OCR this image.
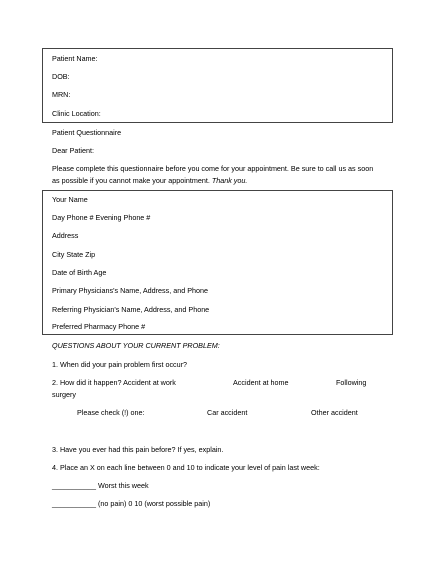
Patient Name:
DOB:
MRN:
Clinic Location:
Patient Questionnaire
Dear Patient:
Please complete this questionnaire before you come for your appointment. Be sure to call us as soon
as possible if you cannot make your appointment. Thank you.
Your Name
Day Phone # Evening Phone #
Address
City State Zip
Date of Birth Age
Primary Physicians's Name, Address, and Phone
Referring Physician's Name, Address, and Phone
Preferred Pharmacy Phone #
QUESTIONS ABOUT YOUR CURRENT PROBLEM:
1. When did your pain problem first occur?
2. How did it happen? Accident at work	Accident at home	Following
surgery
Please check (!) one:	Car accident	Other accident
3. Have you ever had this pain before? If yes, explain.
4. Place an X on each line between 0 and 10 to indicate your level of pain last week:
___________ Worst this week
___________ (no pain) 0 10 (worst possible pain)
